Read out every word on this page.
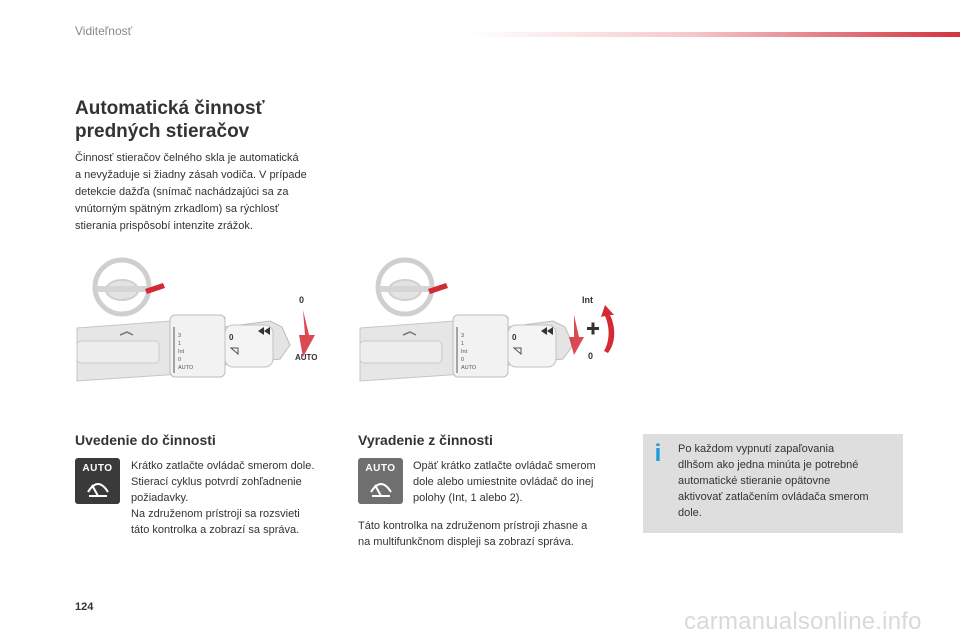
Viditeľnosť
Automatická činnosť
predných stieračov

Činnosť stieračov čelného skla je automatická
a nevyžaduje si žiadny zásah vodiča. V prípade
detekcie dažďa (snímač nachádzajúci sa za
vnútorným spätným zrkadlom) sa rýchlosť
stierania prispôsobí intenzite zrážok.

3
1
Int
0
AUTO
0
0
AUTO
3
1
Int
0
AUTO
0
Int
0
Uvedenie do činnosti
AUTO	Krátko zatlačte ovládač smerom dole.
Stierací cyklus potvrdí zohľadnenie
požiadavky.
Na združenom prístroji sa rozsvieti
táto kontrolka a zobrazí sa správa.

Vyradenie z činnosti
AUTO	Opäť krátko zatlačte ovládač smerom
dole alebo umiestnite ovládač do inej
polohy (Int, 1 alebo 2).

Táto kontrolka na združenom prístroji zhasne a
na multifunkčnom displeji sa zobrazí správa.

i	Po každom vypnutí zapaľovania
dlhšom ako jedna minúta je potrebné
automatické stieranie opätovne
aktivovať zatlačením ovládača smerom
dole.

124
carmanualsonline.info
